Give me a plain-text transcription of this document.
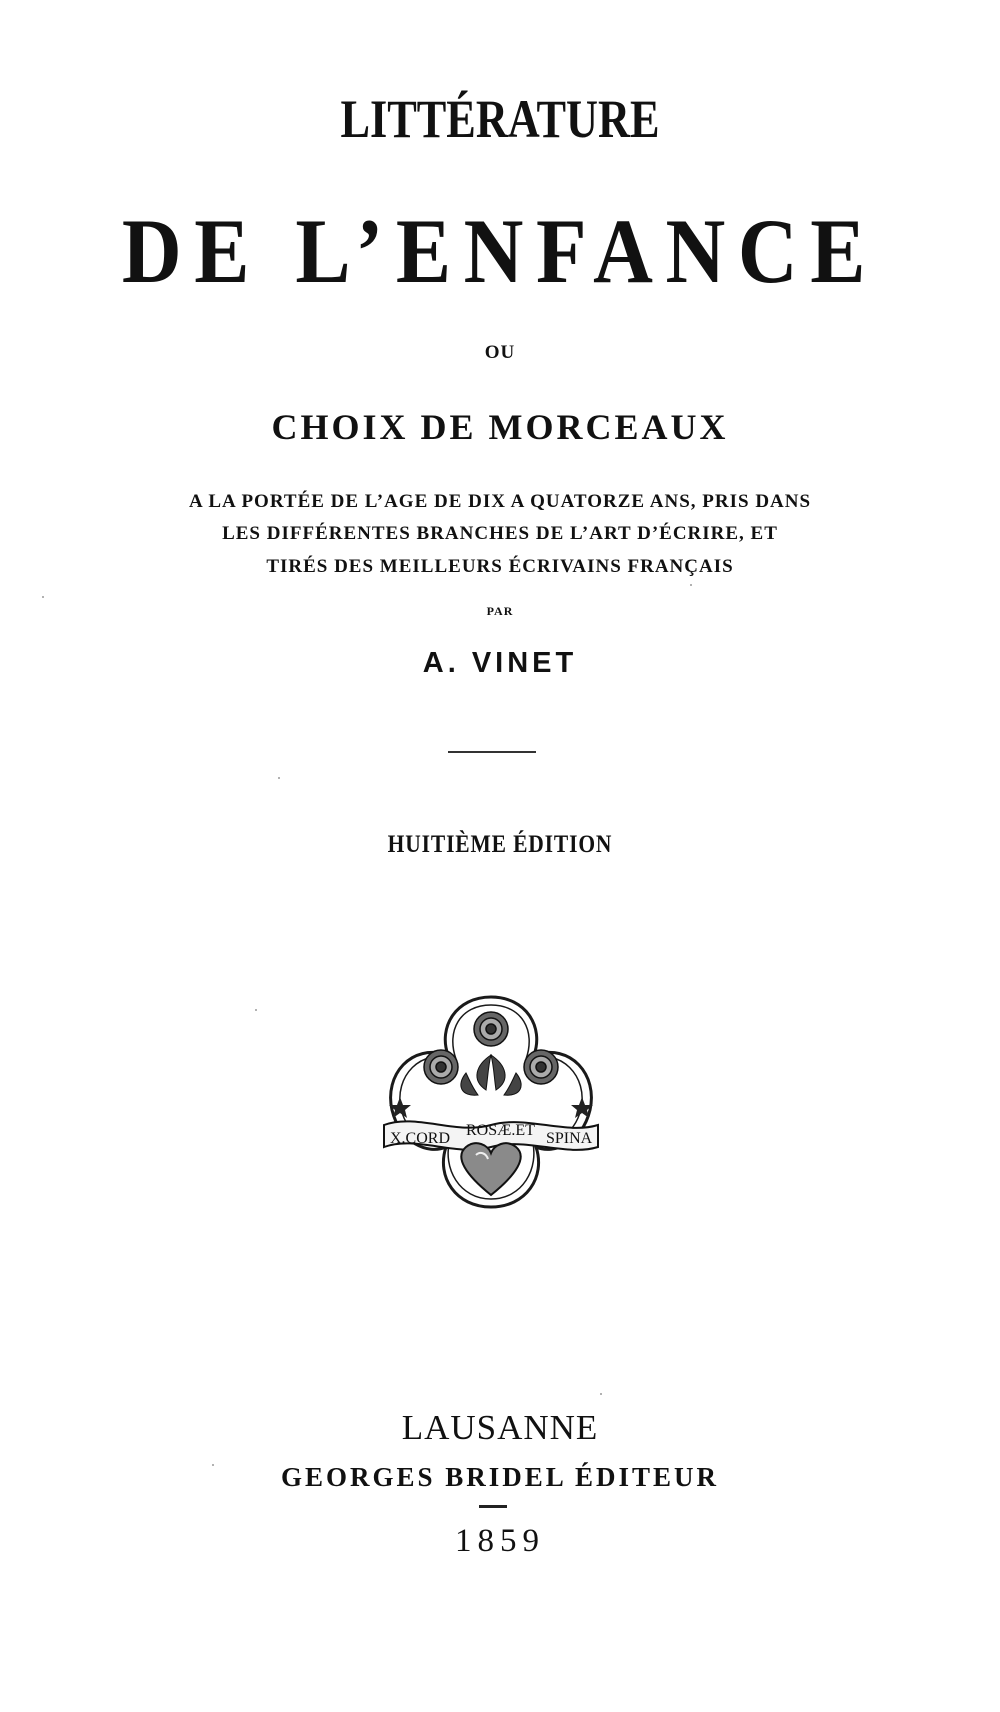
LITTÉRATURE
DE L’ENFANCE
OU
CHOIX DE MORCEAUX
A LA PORTÉE DE L’AGE DE DIX A QUATORZE ANS, PRIS DANS
LES DIFFÉRENTES BRANCHES DE L’ART D’ÉCRIRE, ET
TIRÉS DES MEILLEURS ÉCRIVAINS FRANÇAIS
PAR
A. VINET
HUITIÈME ÉDITION
X.CORD ROSÆ.ET SPINA
LAUSANNE
GEORGES BRIDEL ÉDITEUR
1859
